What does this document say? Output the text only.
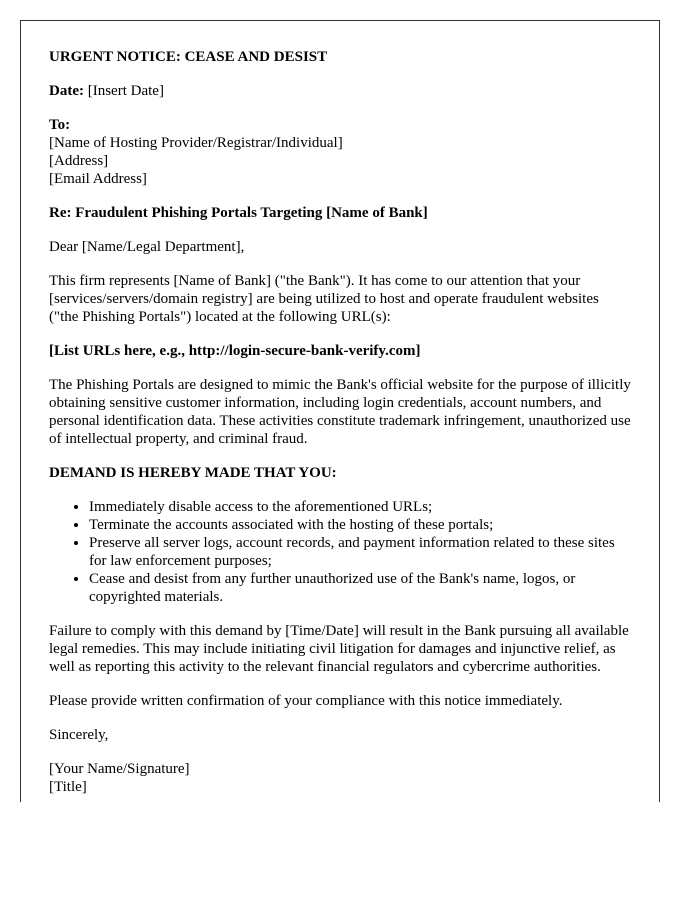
URGENT NOTICE: CEASE AND DESIST

Date: [Insert Date]

To:
[Name of Hosting Provider/Registrar/Individual]
[Address]
[Email Address]

Re: Fraudulent Phishing Portals Targeting [Name of Bank]

Dear [Name/Legal Department],

This firm represents [Name of Bank] ("the Bank"). It has come to our attention that your [services/servers/domain registry] are being utilized to host and operate fraudulent websites ("the Phishing Portals") located at the following URL(s):

[List URLs here, e.g., http://login-secure-bank-verify.com]

The Phishing Portals are designed to mimic the Bank's official website for the purpose of illicitly obtaining sensitive customer information, including login credentials, account numbers, and personal identification data. These activities constitute trademark infringement, unauthorized use of intellectual property, and criminal fraud.

DEMAND IS HEREBY MADE THAT YOU:

• Immediately disable access to the aforementioned URLs;
• Terminate the accounts associated with the hosting of these portals;
• Preserve all server logs, account records, and payment information related to these sites for law enforcement purposes;
• Cease and desist from any further unauthorized use of the Bank's name, logos, or copyrighted materials.

Failure to comply with this demand by [Time/Date] will result in the Bank pursuing all available legal remedies. This may include initiating civil litigation for damages and injunctive relief, as well as reporting this activity to the relevant financial regulators and cybercrime authorities.

Please provide written confirmation of your compliance with this notice immediately.

Sincerely,

[Your Name/Signature]
[Title]
